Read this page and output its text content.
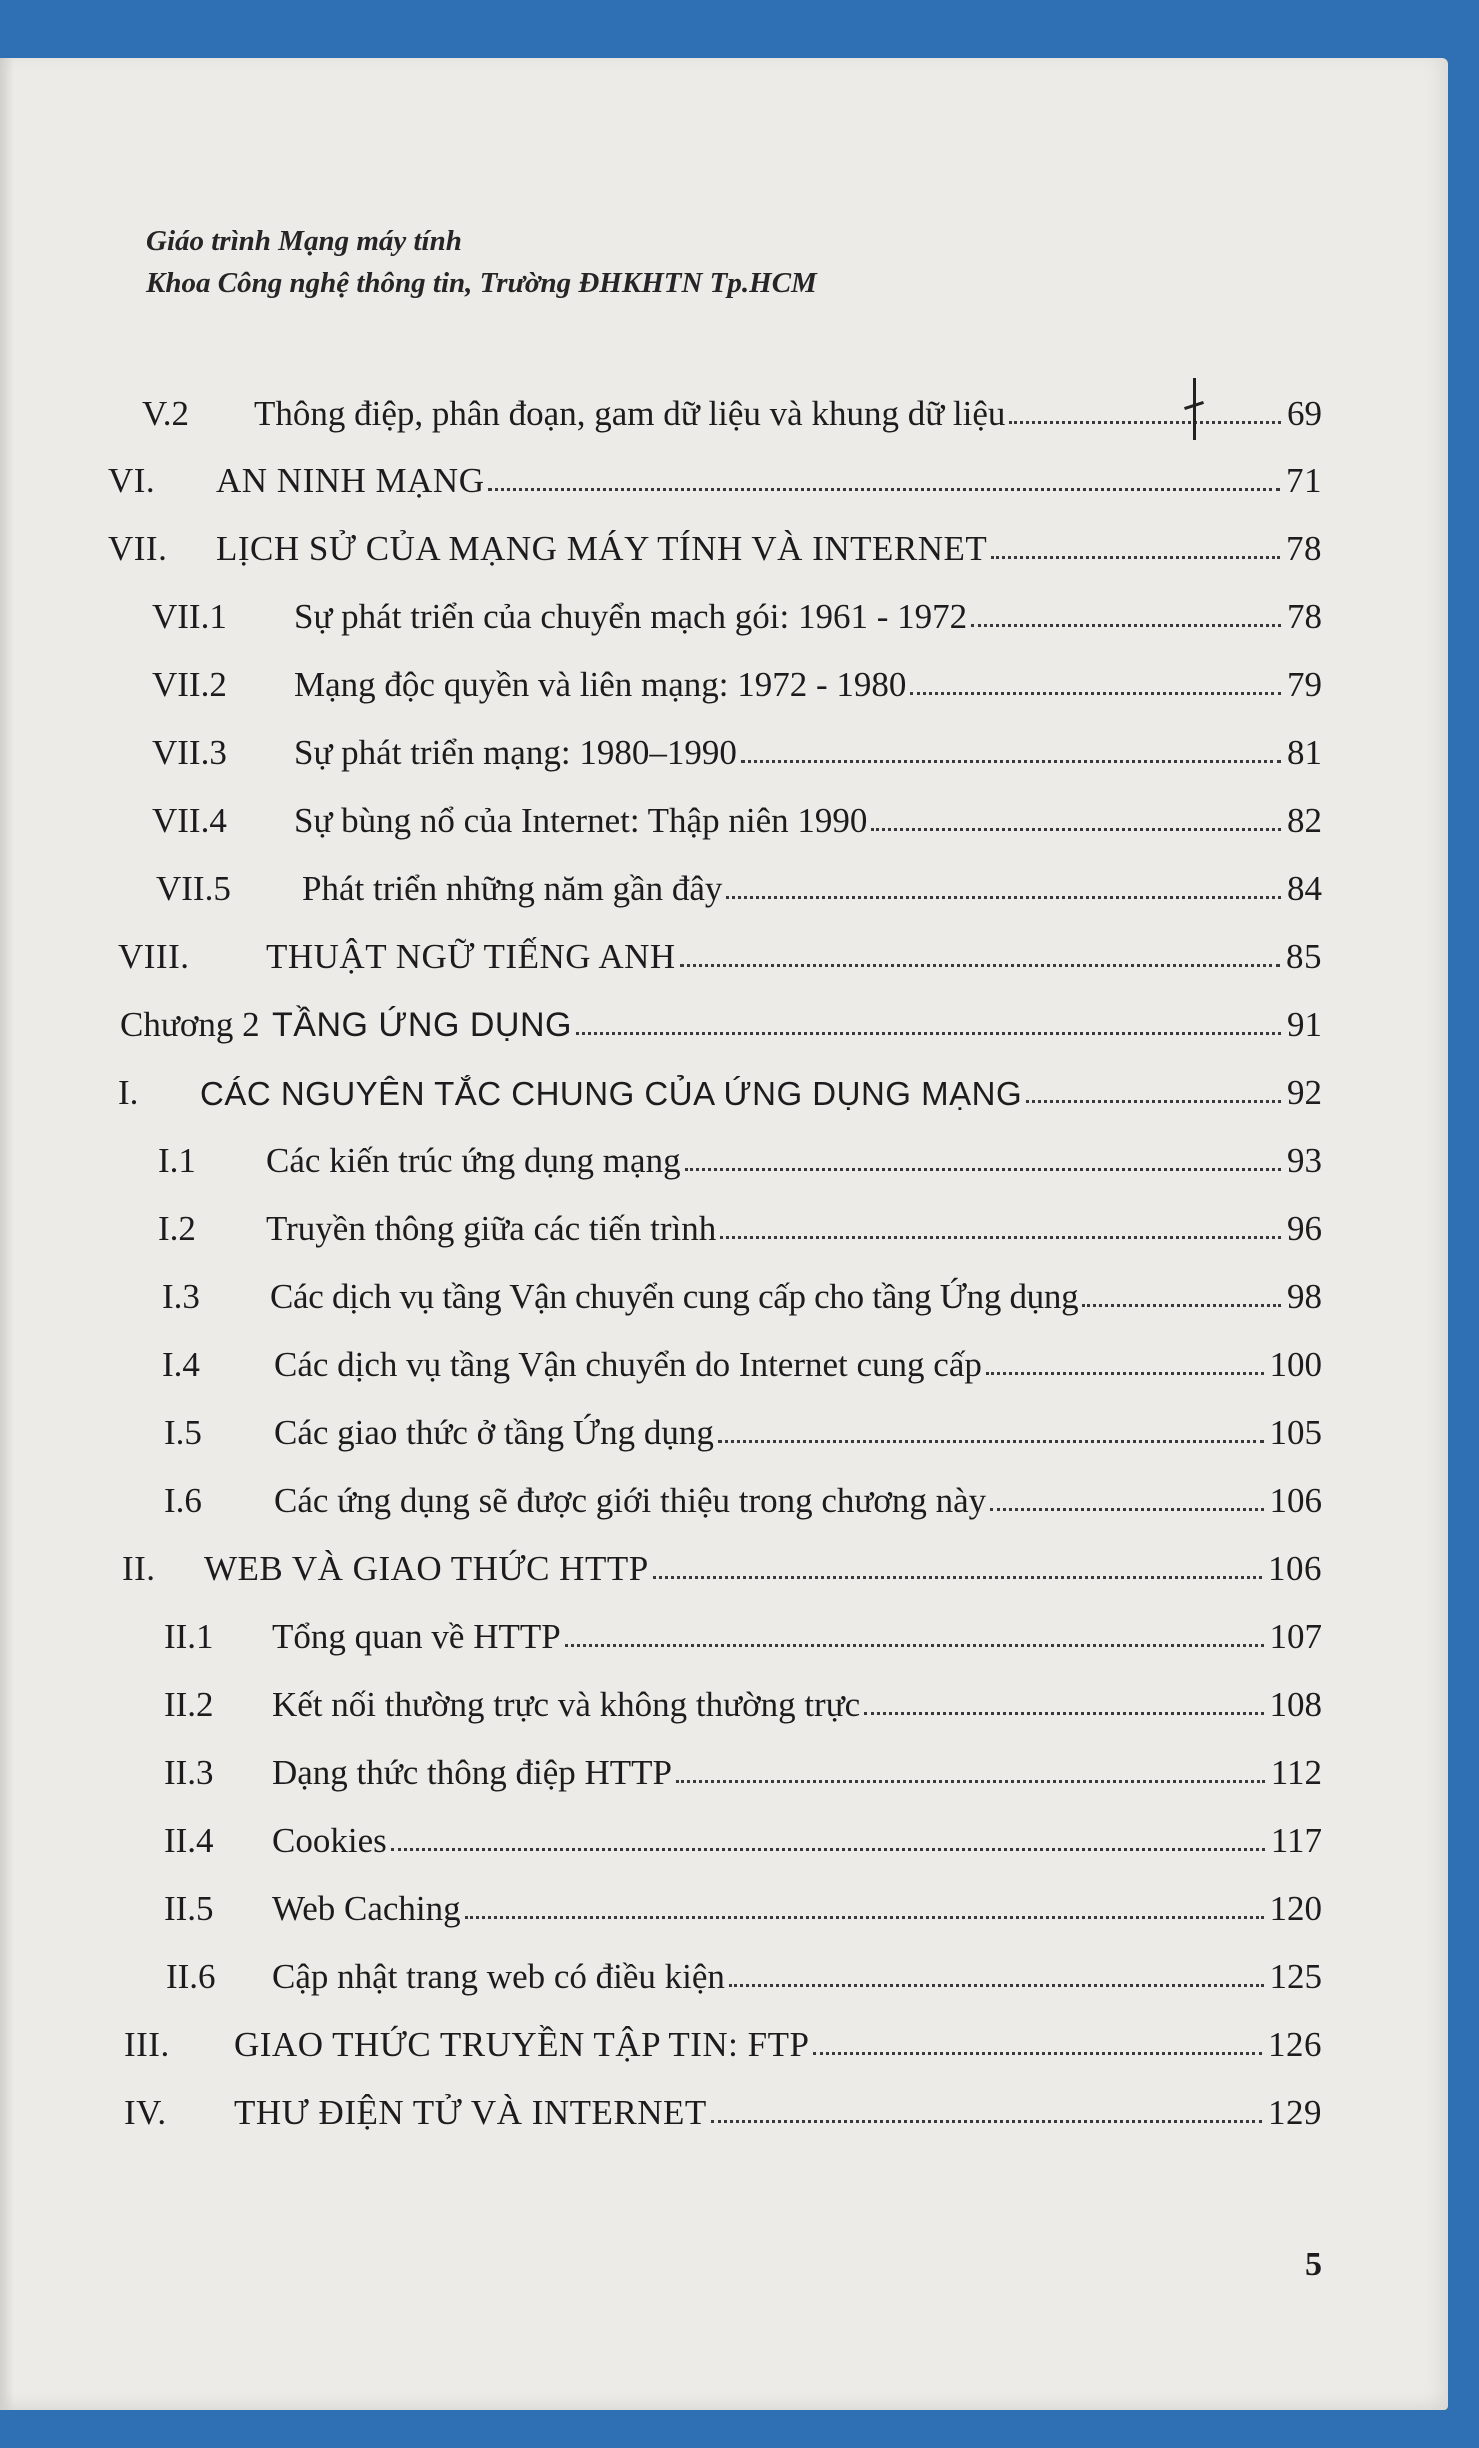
Giáo trình Mạng máy tính
Khoa Công nghệ thông tin, Trường ĐHKHTN Tp.HCM
V.2	Thông điệp, phân đoạn, gam dữ liệu và khung dữ liệu	69
VI.	AN NINH MẠNG	71
VII.	LỊCH SỬ CỦA MẠNG MÁY TÍNH VÀ INTERNET	78
VII.1	Sự phát triển của chuyển mạch gói: 1961 - 1972	78
VII.2	Mạng độc quyền và liên mạng: 1972 - 1980	79
VII.3	Sự phát triển mạng: 1980–1990	81
VII.4	Sự bùng nổ của Internet: Thập niên 1990	82
VII.5	Phát triển những năm gần đây	84
VIII.	THUẬT NGỮ TIẾNG ANH	85
Chương 2 TẦNG ỨNG DỤNG	91
I.	CÁC NGUYÊN TẮC CHUNG CỦA ỨNG DỤNG MẠNG	92
I.1	Các kiến trúc ứng dụng mạng	93
I.2	Truyền thông giữa các tiến trình	96
I.3	Các dịch vụ tầng Vận chuyển cung cấp cho tầng Ứng dụng	98
I.4	Các dịch vụ tầng Vận chuyển do Internet cung cấp	100
I.5	Các giao thức ở tầng Ứng dụng	105
I.6	Các ứng dụng sẽ được giới thiệu trong chương này	106
II.	WEB VÀ GIAO THỨC HTTP	106
II.1	Tổng quan về HTTP	107
II.2	Kết nối thường trực và không thường trực	108
II.3	Dạng thức thông điệp HTTP	112
II.4	Cookies	117
II.5	Web Caching	120
II.6	Cập nhật trang web có điều kiện	125
III.	GIAO THỨC TRUYỀN TẬP TIN: FTP	126
IV.	THƯ ĐIỆN TỬ VÀ INTERNET	129
5
